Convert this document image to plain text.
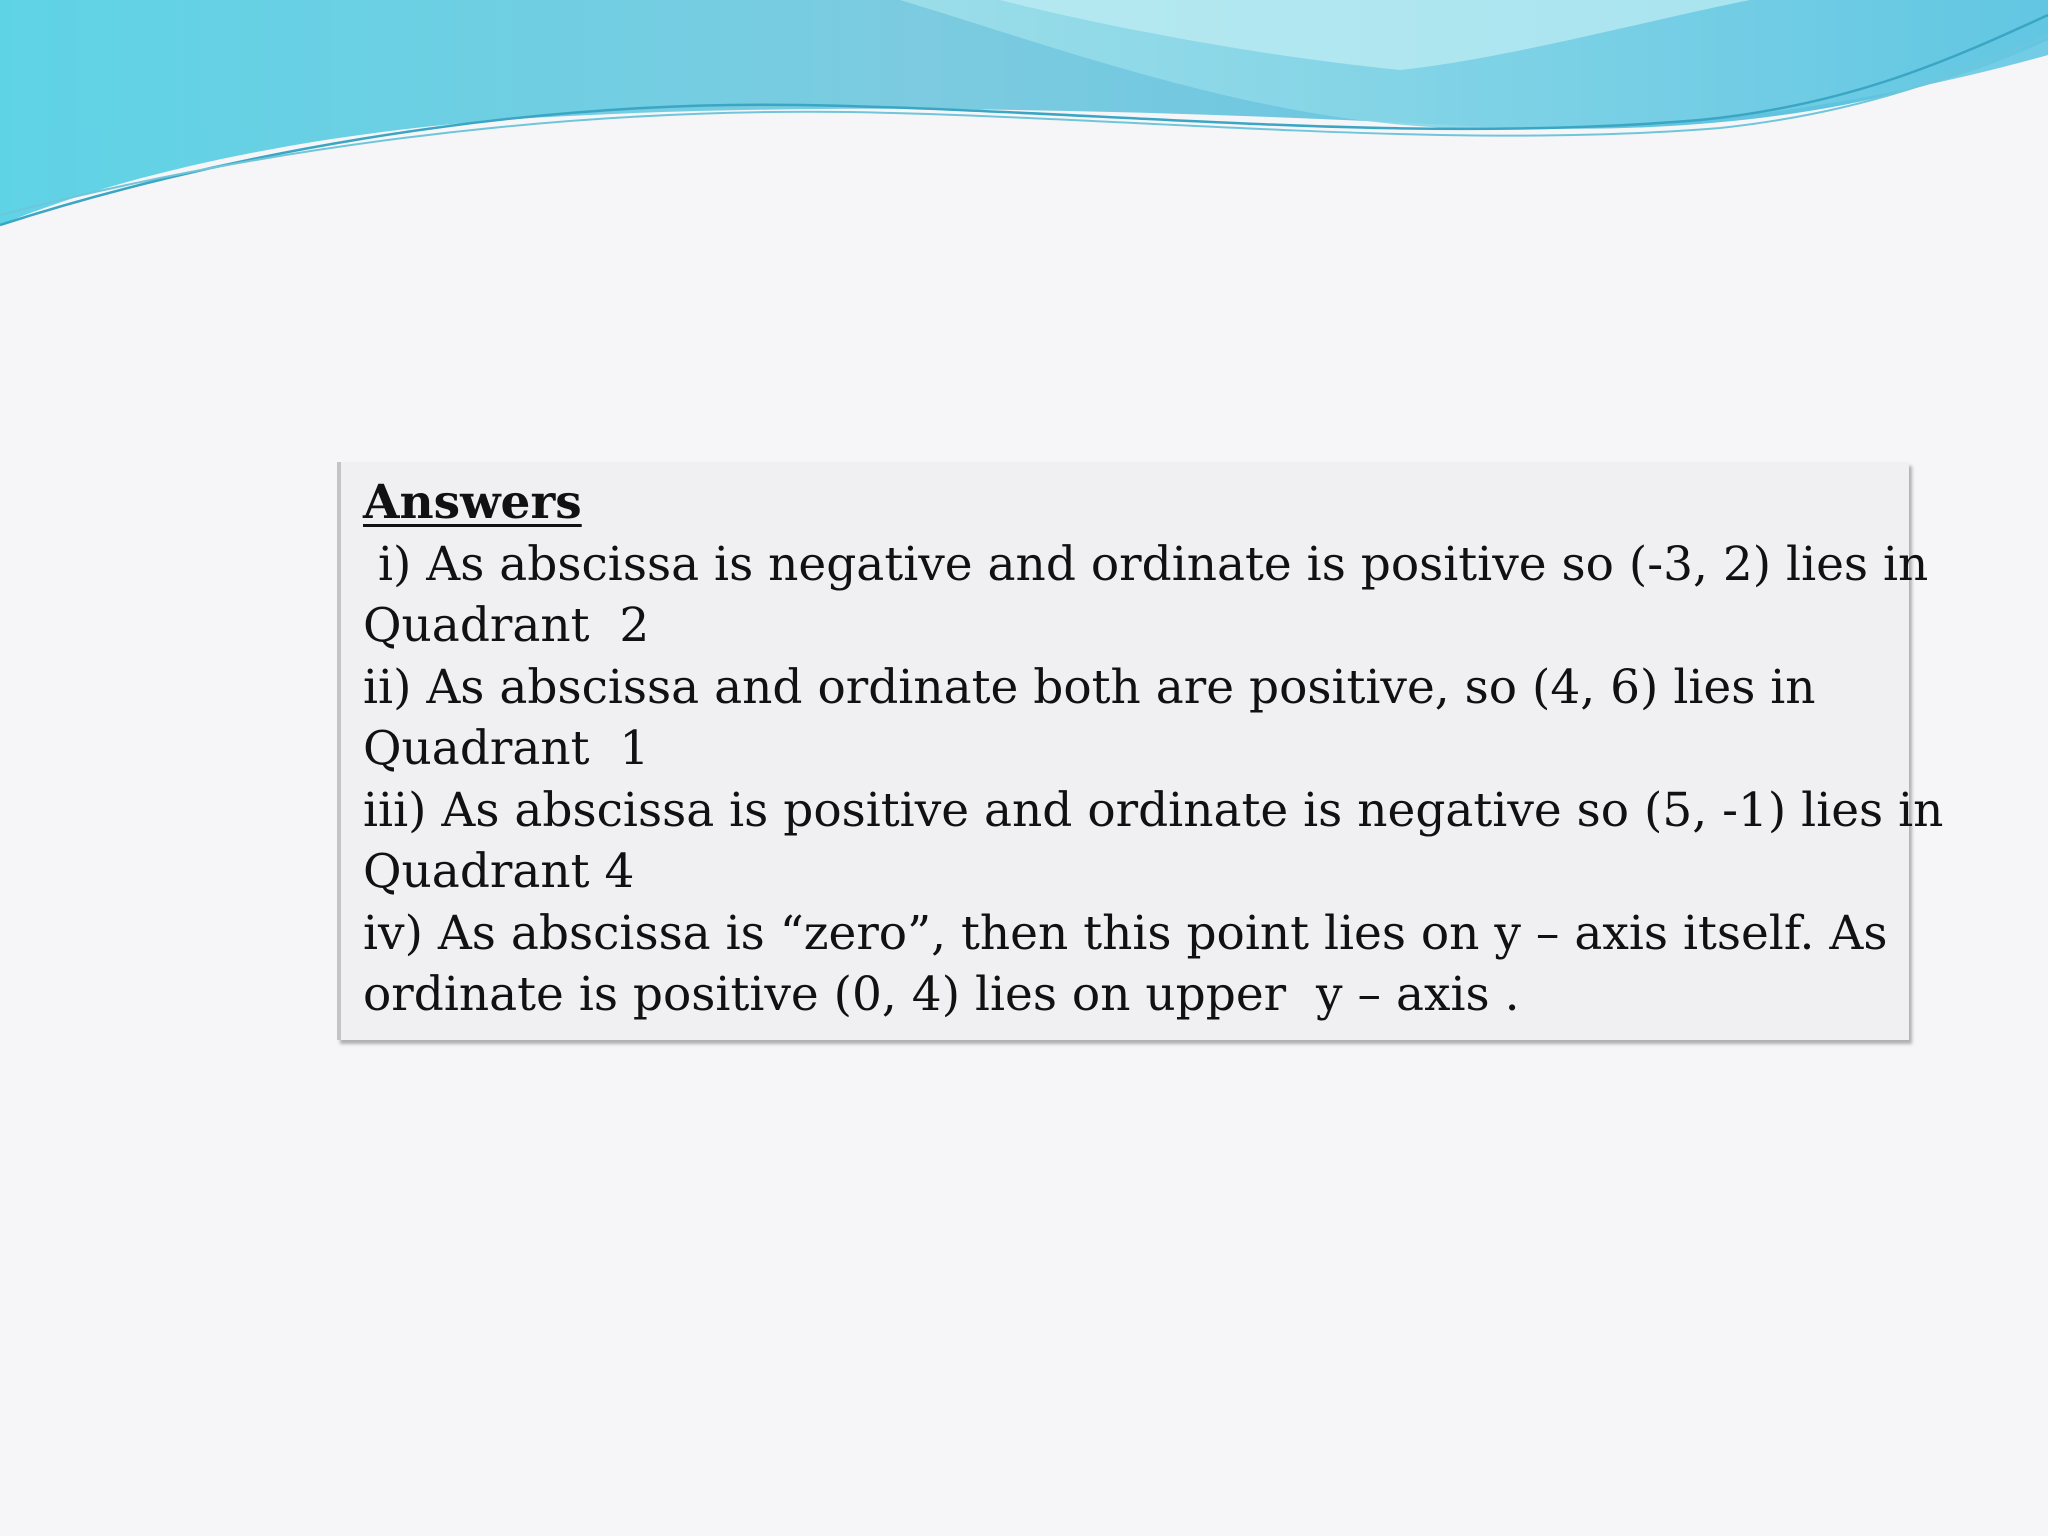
Answers
i) As abscissa is negative and ordinate is positive so (-3, 2) lies in
Quadrant  2
ii) As abscissa and ordinate both are positive, so (4, 6) lies in
Quadrant  1
iii) As abscissa is positive and ordinate is negative so (5, -1) lies in
Quadrant 4
iv) As abscissa is “zero”, then this point lies on y – axis itself. As
ordinate is positive (0, 4) lies on upper  y – axis .
